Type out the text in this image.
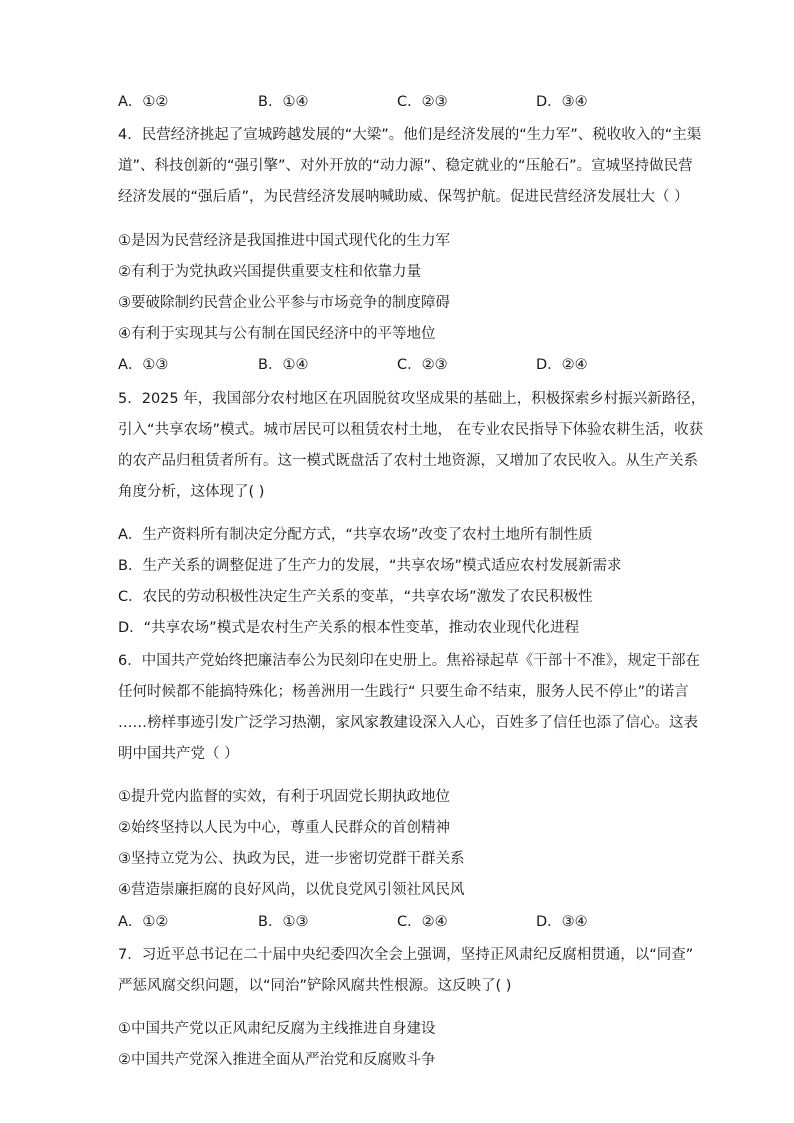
A．①②	B．①④	C．②③	D．③④
4．民营经济挑起了宣城跨越发展的“大梁”。他们是经济发展的“生力军”、税收收入的“主渠
道”、科技创新的“强引擎”、对外开放的“动力源”、稳定就业的“压舱石”。宣城坚持做民营
经济发展的“强后盾”，为民营经济发展呐喊助威、保驾护航。促进民营经济发展壮大（ ）
①是因为民营经济是我国推进中国式现代化的生力军
②有利于为党执政兴国提供重要支柱和依靠力量
③要破除制约民营企业公平参与市场竞争的制度障碍
④有利于实现其与公有制在国民经济中的平等地位
A．①③	B．①④	C．②③	D．②④
5．2025 年，我国部分农村地区在巩固脱贫攻坚成果的基础上，积极探索乡村振兴新路径，
引入“共享农场”模式。城市居民可以租赁农村土地， 在专业农民指导下体验农耕生活，收获
的农产品归租赁者所有。这一模式既盘活了农村土地资源，又增加了农民收入。从生产关系
角度分析，这体现了( )
A．生产资料所有制决定分配方式，“共享农场”改变了农村土地所有制性质
B．生产关系的调整促进了生产力的发展，“共享农场”模式适应农村发展新需求
C．农民的劳动积极性决定生产关系的变革，“共享农场”激发了农民积极性
D．“共享农场”模式是农村生产关系的根本性变革，推动农业现代化进程
6．中国共产党始终把廉洁奉公为民刻印在史册上。焦裕禄起草《干部十不准》，规定干部在
任何时候都不能搞特殊化；杨善洲用一生践行“ 只要生命不结束，服务人民不停止”的诺言
……榜样事迹引发广泛学习热潮，家风家教建设深入人心，百姓多了信任也添了信心。这表
明中国共产党（ ）
①提升党内监督的实效，有利于巩固党长期执政地位
②始终坚持以人民为中心，尊重人民群众的首创精神
③坚持立党为公、执政为民，进一步密切党群干群关系
④营造崇廉拒腐的良好风尚，以优良党风引领社风民风
A．①②	B．①③	C．②④	D．③④
7．习近平总书记在二十届中央纪委四次全会上强调，坚持正风肃纪反腐相贯通，以“同查”
严惩风腐交织问题，以“同治”铲除风腐共性根源。这反映了( )
①中国共产党以正风肃纪反腐为主线推进自身建设
②中国共产党深入推进全面从严治党和反腐败斗争
